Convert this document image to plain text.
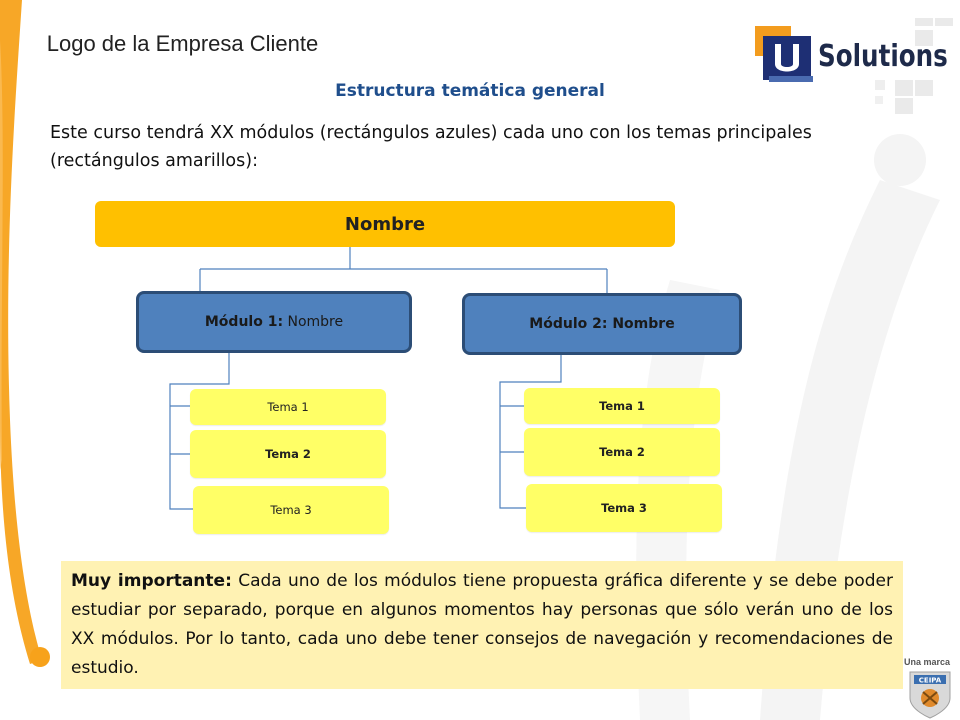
Logo de la Empresa Cliente	Solutions
Estructura temática general
Este curso tendrá XX módulos (rectángulos azules) cada uno con los temas principales (rectángulos amarillos):
Nombre
Módulo 1: Nombre	Módulo 2: Nombre
Tema 1
Tema 2
Tema 3
Tema 1
Tema 2
Tema 3
Muy importante: Cada uno de los módulos tiene propuesta gráfica diferente y se debe poder estudiar por separado, porque en algunos momentos hay personas que sólo verán uno de los XX módulos. Por lo tanto, cada uno debe tener consejos de navegación y recomendaciones de estudio.	Una marca
CEIPA
